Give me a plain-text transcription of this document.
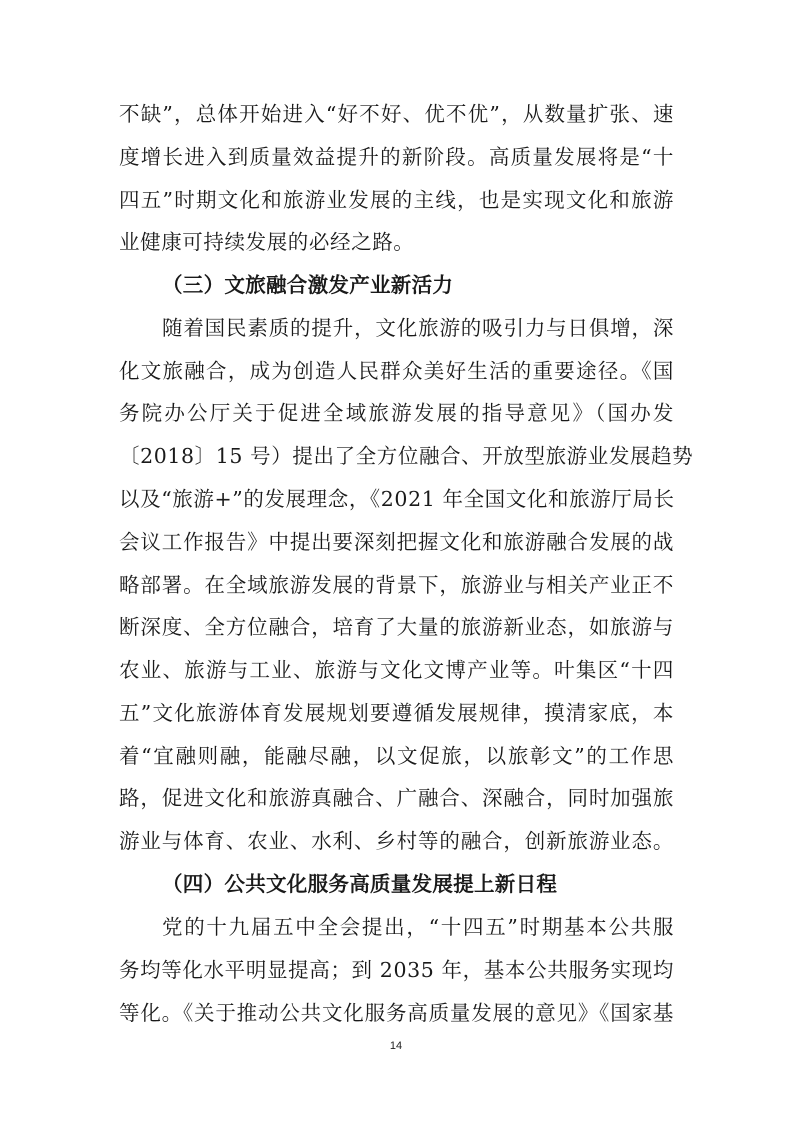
不缺”，总体开始进入“好不好、优不优”，从数量扩张、速
度增长进入到质量效益提升的新阶段。高质量发展将是“十
四五”时期文化和旅游业发展的主线，也是实现文化和旅游
业健康可持续发展的必经之路。
（三）文旅融合激发产业新活力
随着国民素质的提升，文化旅游的吸引力与日俱增，深
化文旅融合，成为创造人民群众美好生活的重要途径。《国
务院办公厅关于促进全域旅游发展的指导意见》（国办发
〔2018〕15 号）提出了全方位融合、开放型旅游业发展趋势
以及“旅游+”的发展理念，《2021 年全国文化和旅游厅局长
会议工作报告》中提出要深刻把握文化和旅游融合发展的战
略部署。在全域旅游发展的背景下，旅游业与相关产业正不
断深度、全方位融合，培育了大量的旅游新业态，如旅游与
农业、旅游与工业、旅游与文化文博产业等。叶集区“十四
五”文化旅游体育发展规划要遵循发展规律，摸清家底，本
着“宜融则融，能融尽融，以文促旅，以旅彰文”的工作思
路，促进文化和旅游真融合、广融合、深融合，同时加强旅
游业与体育、农业、水利、乡村等的融合，创新旅游业态。
（四）公共文化服务高质量发展提上新日程
党的十九届五中全会提出，“十四五”时期基本公共服
务均等化水平明显提高；到 2035 年，基本公共服务实现均
等化。《关于推动公共文化服务高质量发展的意见》《国家基
14
